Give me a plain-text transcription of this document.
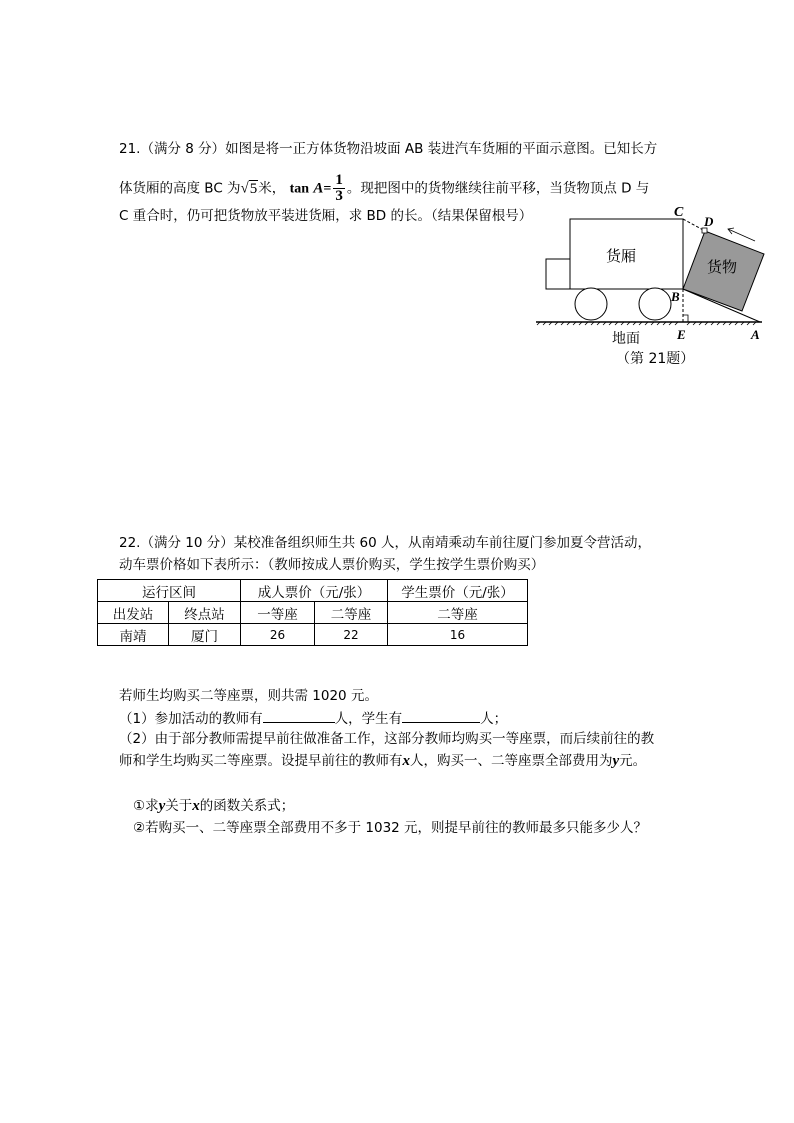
21.（满分 8 分）如图是将一正方体货物沿坡面 AB 装进汽车货厢的平面示意图。已知长方
体货厢的高度 BC 为√5米， $\tan A= \frac{1}{3}$ 。现把图中的货物继续往前平移，当货物顶点 D 与
C 重合时，仍可把货物放平装进货厢，求 BD 的长。（结果保留根号）
货厢
货物
C
D
B
E	A
地面
（第 21题）
22.（满分 10 分）某校准备组织师生共 60 人，从南靖乘动车前往厦门参加夏令营活动，
动车票价格如下表所示：（教师按成人票价购买，学生按学生票价购买）
运行区间		成人票价（元/张）		学生票价（元/张）
出发站	终点站	一等座	二等座	二等座
南靖	厦门	26	22	16
若师生均购买二等座票，则共需 1020 元。
（1）参加活动的教师有	人，学生有	人；
（2）由于部分教师需提早前往做准备工作，这部分教师均购买一等座票，而后续前往的教
师和学生均购买二等座票。设提早前往的教师有x人，购买一、二等座票全部费用为y元。
①求y关于x的函数关系式；
②若购买一、二等座票全部费用不多于 1032 元，则提早前往的教师最多只能多少人？
